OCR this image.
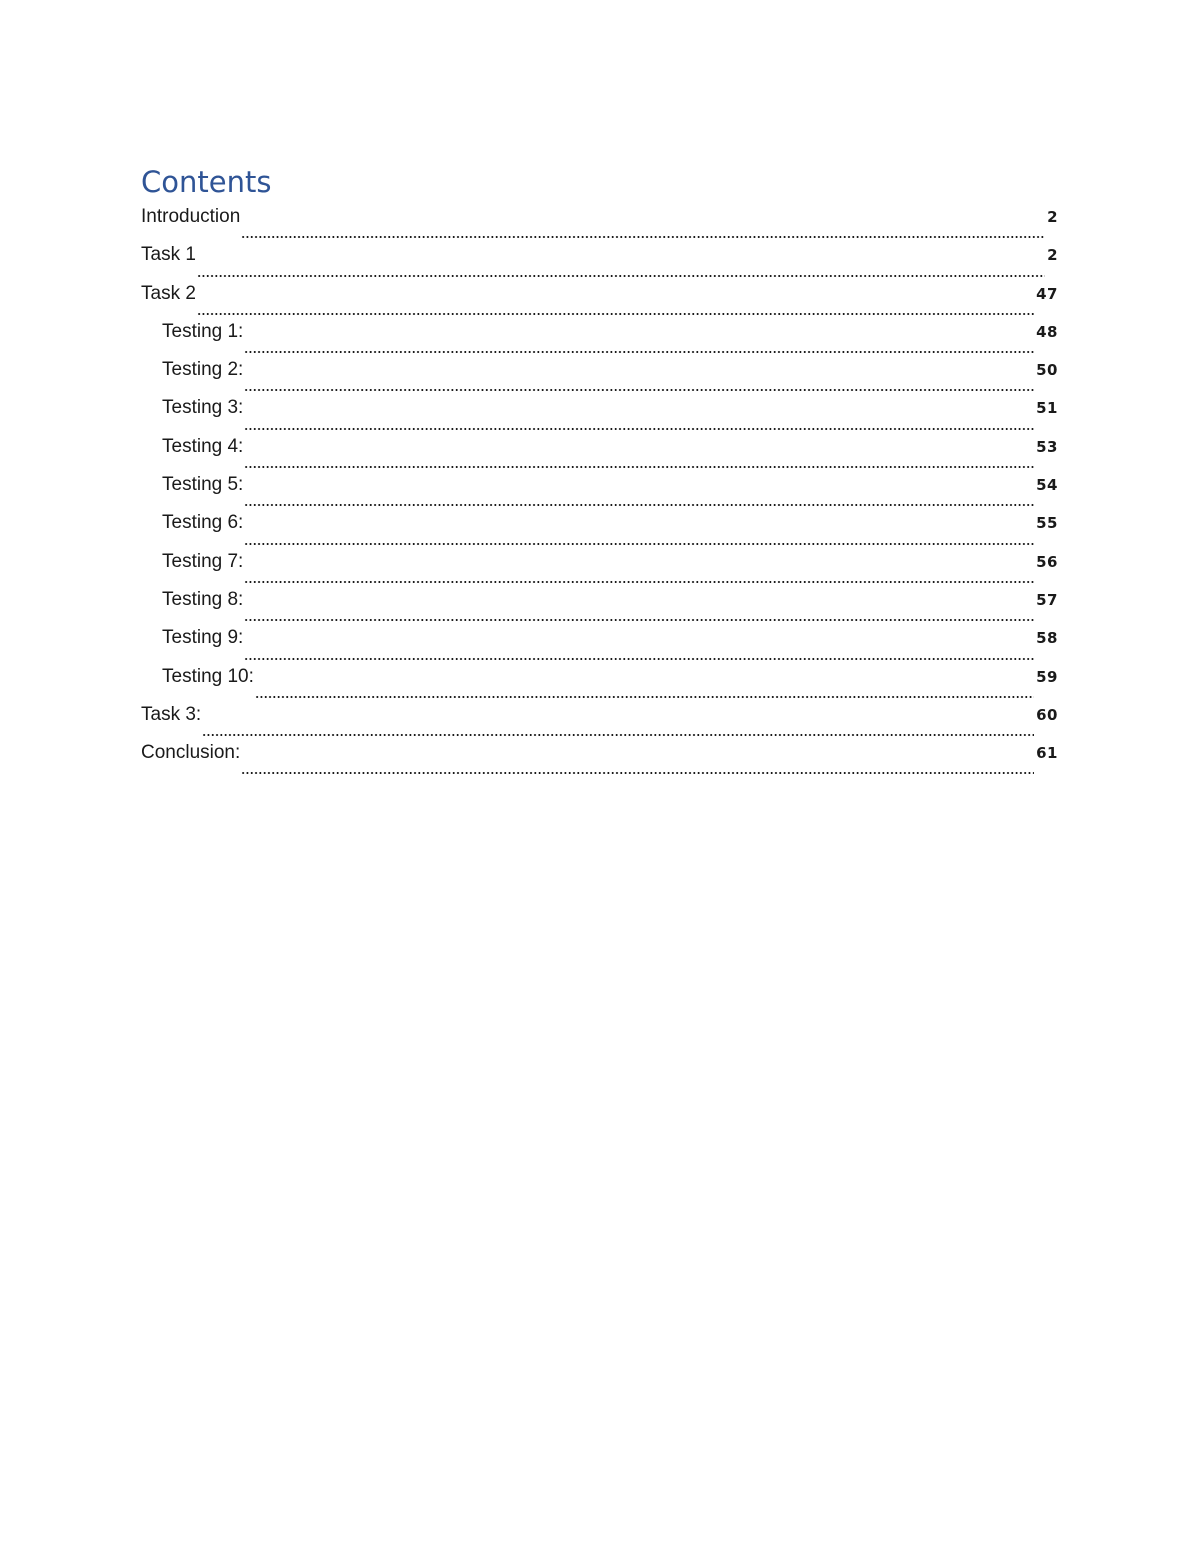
Contents
Introduction	2
Task 1	2
Task 2	47
Testing 1:	48
Testing 2:	50
Testing 3:	51
Testing 4:	53
Testing 5:	54
Testing 6:	55
Testing 7:	56
Testing 8:	57
Testing 9:	58
Testing 10:	59
Task 3:	60
Conclusion:	61
